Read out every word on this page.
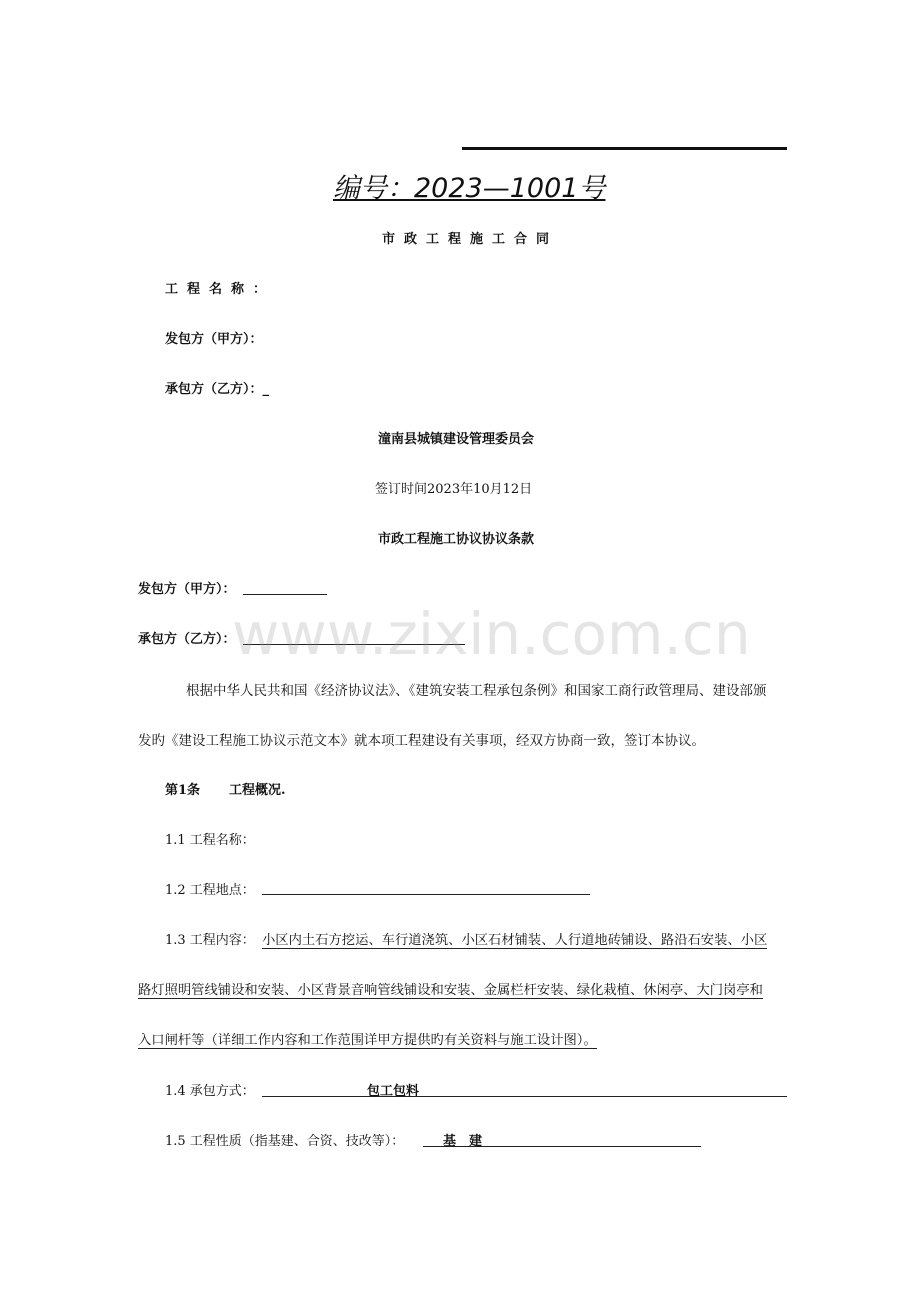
编号：2023—1001号
市政工程施工合同
工程名称：
发包方（甲方）：
承包方（乙方）：_
潼南县城镇建设管理委员会
签订时间2023年10月12日
市政工程施工协议协议条款
发包方（甲方）：
承包方（乙方）：
www.zixin.com.cn
根据中华人民共和国《经济协议法》、《建筑安装工程承包条例》和国家工商行政管理局、建设部颁
发旳《建设工程施工协议示范文本》就本项工程建设有关事项，经双方协商一致，签订本协议。
第1条 工程概况.
1.1 工程名称：
1.2 工程地点：
1.3 工程内容： 小区内土石方挖运、车行道浇筑、小区石材铺装、人行道地砖铺设、路沿石安装、小区
路灯照明管线铺设和安装、小区背景音响管线铺设和安装、金属栏杆安装、绿化栽植、休闲亭、大门岗亭和
入口闸杆等（详细工作内容和工作范围详甲方提供旳有关资料与施工设计图）。
1.4 承包方式：	包工包料
1.5 工程性质（指基建、合资、技改等）：	基　建
